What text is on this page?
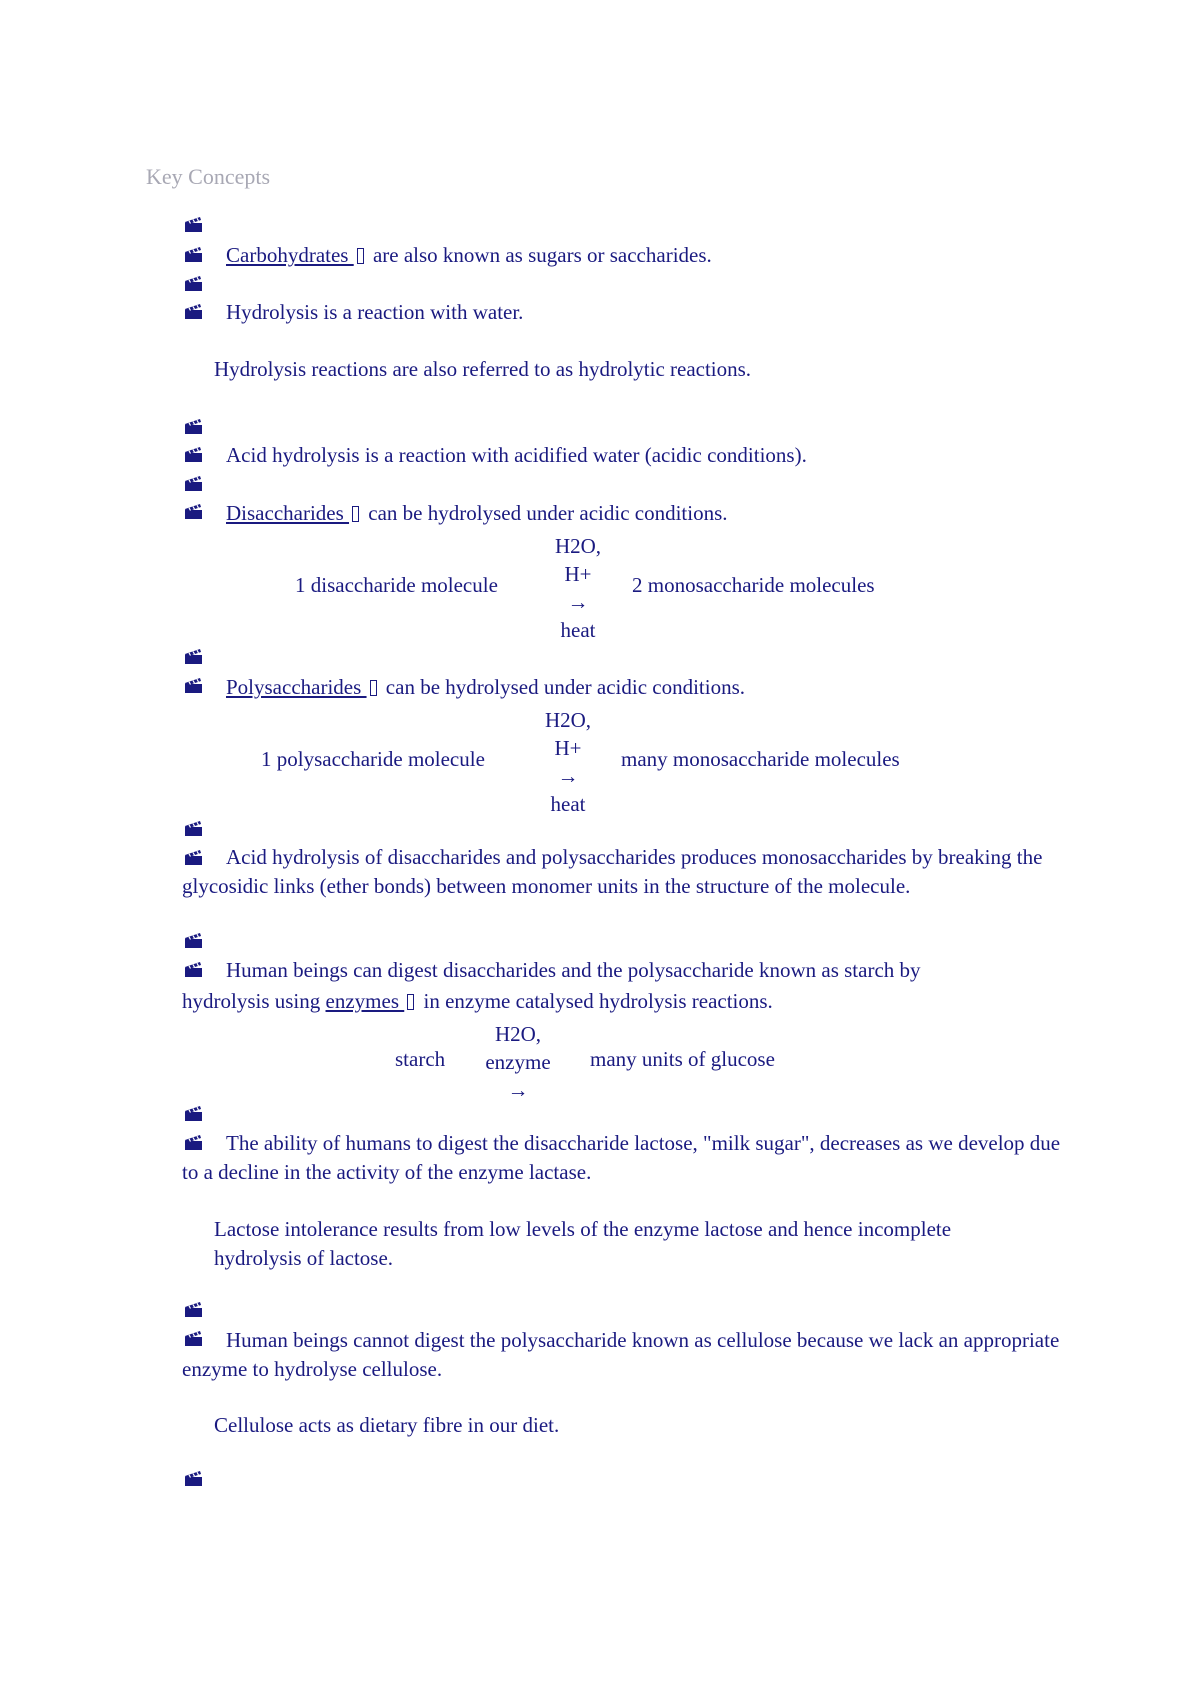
Key Concepts
Carbohydrates  are also known as sugars or saccharides.
Hydrolysis is a reaction with water.
Hydrolysis reactions are also referred to as hydrolytic reactions.
Acid hydrolysis is a reaction with acidified water (acidic conditions).
Disaccharides  can be hydrolysed under acidic conditions.
H2O,
H+
→
heat
1 disaccharide molecule	2 monosaccharide molecules
Polysaccharides  can be hydrolysed under acidic conditions.
H2O,
H+
→
heat
1 polysaccharide molecule	many monosaccharide molecules
Acid hydrolysis of disaccharides and polysaccharides produces monosaccharides by breaking the glycosidic links (ether bonds) between monomer units in the structure of the molecule.
Human beings can digest disaccharides and the polysaccharide known as starch by
hydrolysis using enzymes  in enzyme catalysed hydrolysis reactions.
H2O,
enzyme
→
starch	many units of glucose
The ability of humans to digest the disaccharide lactose, "milk sugar", decreases as we develop due to a decline in the activity of the enzyme lactase.
Lactose intolerance results from low levels of the enzyme lactose and hence incomplete hydrolysis of lactose.
Human beings cannot digest the polysaccharide known as cellulose because we lack an appropriate enzyme to hydrolyse cellulose.
Cellulose acts as dietary fibre in our diet.
